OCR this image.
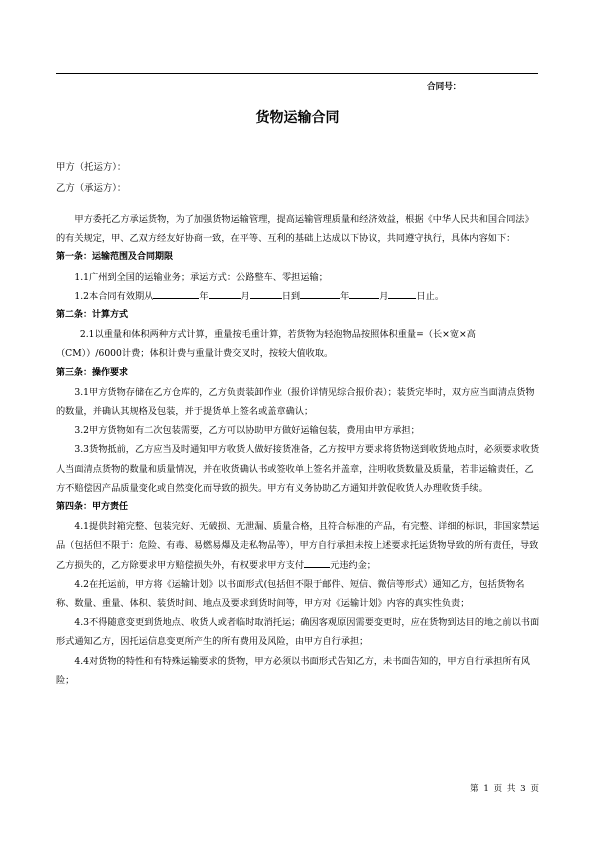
合同号：
货物运输合同
甲方（托运方）：
乙方（承运方）：

甲方委托乙方承运货物，为了加强货物运输管理，提高运输管理质量和经济效益，根据《中华人民共和国合同法》的有关规定，甲、乙双方经友好协商一致，在平等、互利的基础上达成以下协议，共同遵守执行，具体内容如下：

第一条：运输范围及合同期限

1.1广州到全国的运输业务；承运方式：公路整车、零担运输；

1.2本合同有效期从	年	月	日到	年	月	日止。

第二条：计算方式

2.1以重量和体积两种方式计算，重量按毛重计算，若货物为轻泡物品按照体积重量=（长×宽×高（CM））/6000计费；体积计费与重量计费交叉时，按较大值收取。

第三条：操作要求

3.1甲方货物存储在乙方仓库的，乙方负责装卸作业（报价详情见综合报价表）；装货完毕时，双方应当面清点货物的数量，并确认其规格及包装，并于提货单上签名或盖章确认；

3.2甲方货物如有二次包装需要，乙方可以协助甲方做好运输包装，费用由甲方承担；

3.3货物抵前，乙方应当及时通知甲方收货人做好接货准备，乙方按甲方要求将货物送到收货地点时，必须要求收货人当面清点货物的数量和质量情况，并在收货确认书或签收单上签名并盖章，注明收货数量及质量，若非运输责任，乙方不赔偿因产品质量变化或自然变化而导致的损失。甲方有义务协助乙方通知并敦促收货人办理收货手续。

第四条：甲方责任

4.1提供封箱完整、包装完好、无破损、无泄漏、质量合格，且符合标准的产品，有完整、详细的标识，非国家禁运品（包括但不限于：危险、有毒、易燃易爆及走私物品等），甲方自行承担未按上述要求托运货物导致的所有责任，导致乙方损失的，乙方除要求甲方赔偿损失外，有权要求甲方支付	元违约金；

4.2在托运前，甲方将《运输计划》以书面形式(包括但不限于邮件、短信、微信等形式）通知乙方，包括货物名称、数量、重量、体积、装货时间、地点及要求到货时间等，甲方对《运输计划》内容的真实性负责；

4.3不得随意变更到货地点、收货人或者临时取消托运；确因客观原因需要变更时，应在货物到达目的地之前以书面形式通知乙方，因托运信息变更所产生的所有费用及风险，由甲方自行承担；

4.4对货物的特性和有特殊运输要求的货物，甲方必须以书面形式告知乙方，未书面告知的，甲方自行承担所有风险；

第 1 页 共 3 页
